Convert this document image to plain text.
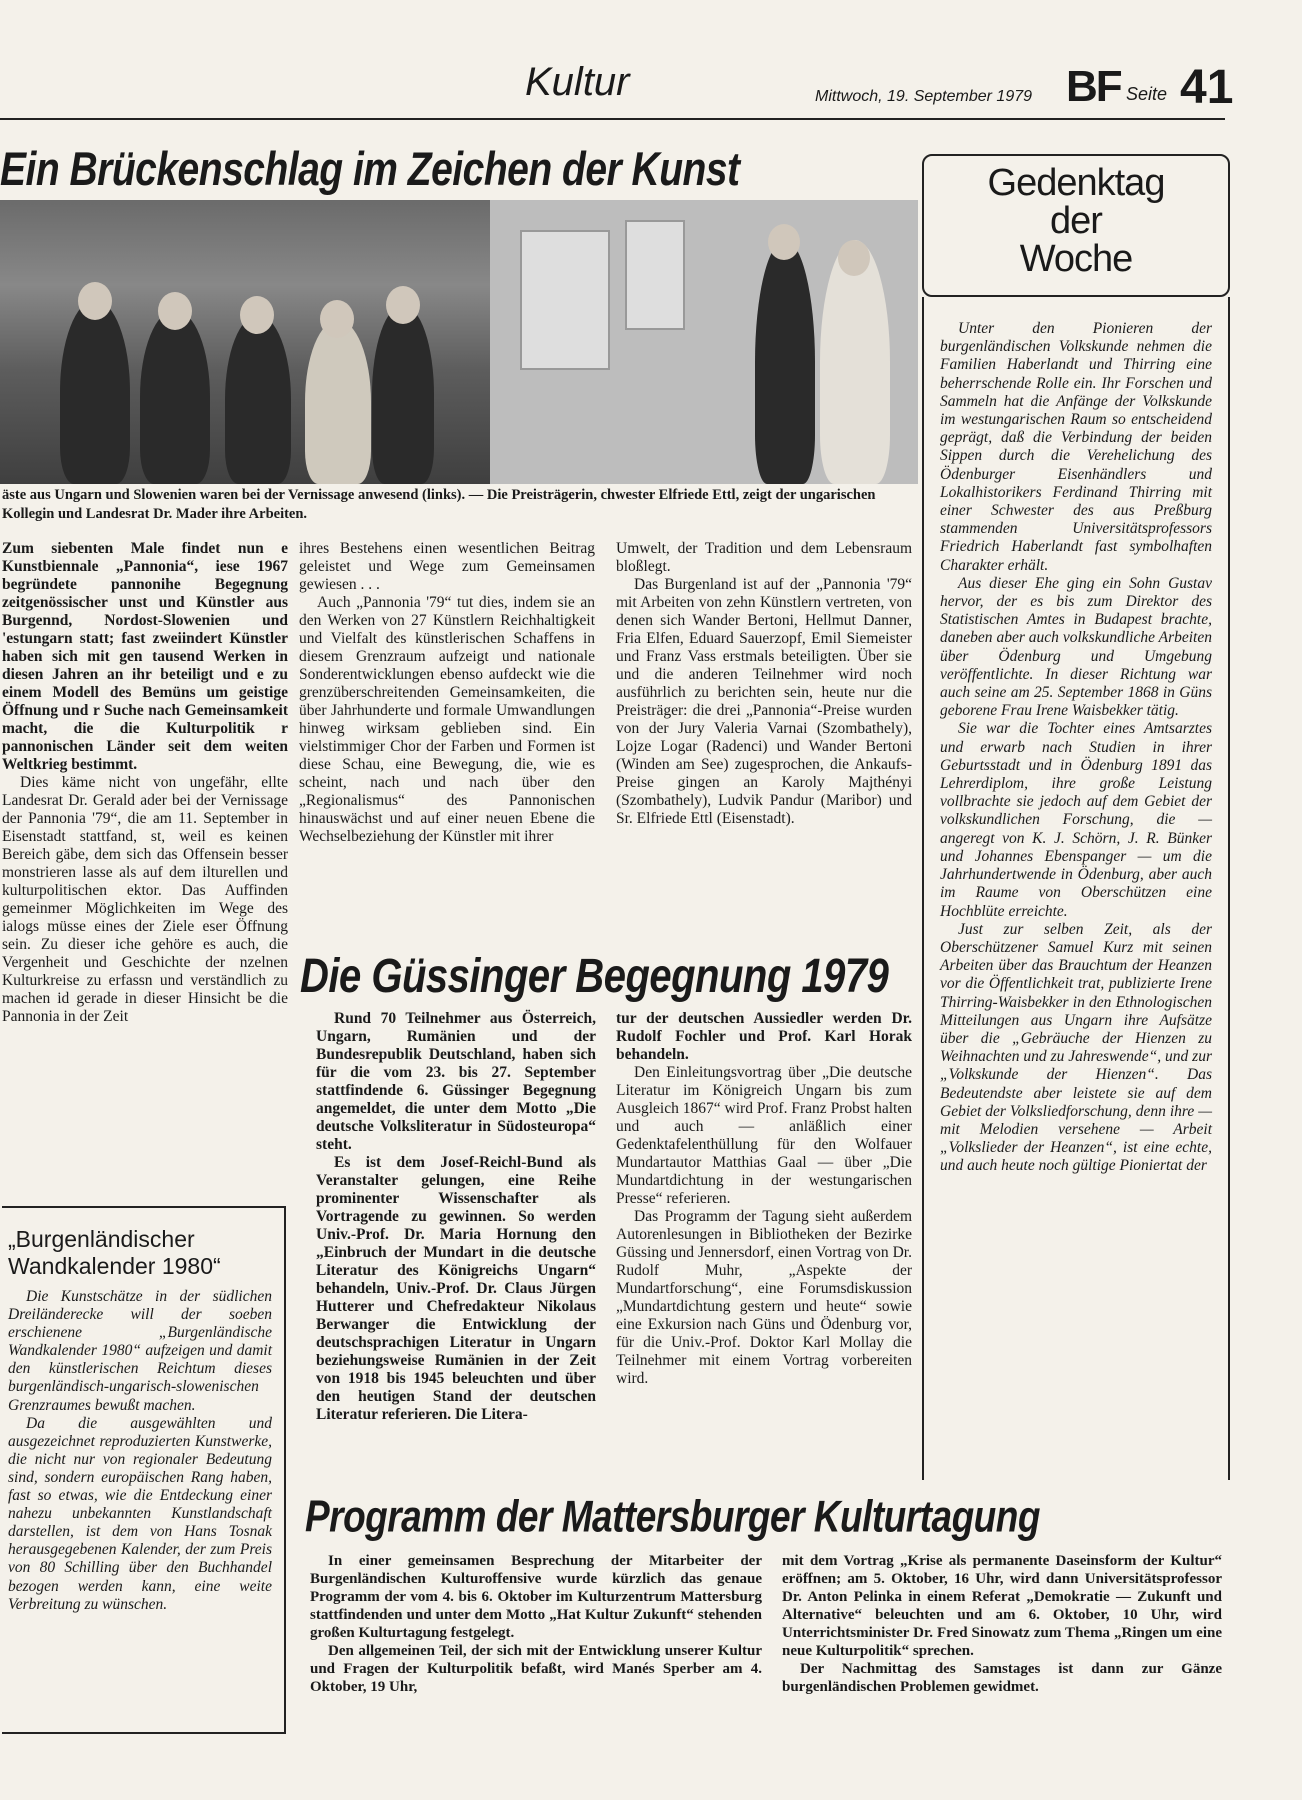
Kultur	Mittwoch, 19. September 1979 BF Seite 41
Ein Brückenschlag im Zeichen der Kunst
äste aus Ungarn und Slowenien waren bei der Vernissage anwesend (links). — Die Preisträgerin, chwester Elfriede Ettl, zeigt der ungarischen Kollegin und Landesrat Dr. Mader ihre Arbeiten.

Zum siebenten Male findet nun e Kunstbiennale „Pannonia“, iese 1967 begründete pannonihe Begegnung zeitgenössischer unst und Künstler aus Burgennd, Nordost-Slowenien und 'estungarn statt; fast zweiindert Künstler haben sich mit gen tausend Werken in diesen Jahren an ihr beteiligt und e zu einem Modell des Bemüns um geistige Öffnung und r Suche nach Gemeinsamkeit macht, die die Kulturpolitik r pannonischen Länder seit dem weiten Weltkrieg bestimmt.

Dies käme nicht von ungefähr, ellte Landesrat Dr. Gerald ader bei der Vernissage der Pannonia '79“, die am 11. September in Eisenstadt stattfand, st, weil es keinen Bereich gäbe, dem sich das Offensein besser monstrieren lasse als auf dem ilturellen und kulturpolitischen ektor. Das Auffinden gemeinmer Möglichkeiten im Wege des ialogs müsse eines der Ziele eser Öffnung sein. Zu dieser iche gehöre es auch, die Vergenheit und Geschichte der nzelnen Kulturkreise zu erfassn und verständlich zu machen id gerade in dieser Hinsicht be die Pannonia in der Zeit

ihres Bestehens einen wesentlichen Beitrag geleistet und Wege zum Gemeinsamen gewiesen . . .

Auch „Pannonia '79“ tut dies, indem sie an den Werken von 27 Künstlern Reichhaltigkeit und Vielfalt des künstlerischen Schaffens in diesem Grenzraum aufzeigt und nationale Sonderentwicklungen ebenso aufdeckt wie die grenzüberschreitenden Gemeinsamkeiten, die über Jahrhunderte und formale Umwandlungen hinweg wirksam geblieben sind. Ein vielstimmiger Chor der Farben und Formen ist diese Schau, eine Bewegung, die, wie es scheint, nach und nach über den „Regionalismus“ des Pannonischen hinauswächst und auf einer neuen Ebene die Wechselbeziehung der Künstler mit ihrer

Umwelt, der Tradition und dem Lebensraum bloßlegt.

Das Burgenland ist auf der „Pannonia '79“ mit Arbeiten von zehn Künstlern vertreten, von denen sich Wander Bertoni, Hellmut Danner, Fria Elfen, Eduard Sauerzopf, Emil Siemeister und Franz Vass erstmals beteiligten. Über sie und die anderen Teilnehmer wird noch ausführlich zu berichten sein, heute nur die Preisträger: die drei „Pannonia“-Preise wurden von der Jury Valeria Varnai (Szombathely), Lojze Logar (Radenci) und Wander Bertoni (Winden am See) zugesprochen, die Ankaufs-Preise gingen an Karoly Majthényi (Szombathely), Ludvik Pandur (Maribor) und Sr. Elfriede Ettl (Eisenstadt).

Gedenktag
der
Woche

Unter den Pionieren der burgenländischen Volkskunde nehmen die Familien Haberlandt und Thirring eine beherrschende Rolle ein. Ihr Forschen und Sammeln hat die Anfänge der Volkskunde im westungarischen Raum so entscheidend geprägt, daß die Verbindung der beiden Sippen durch die Verehelichung des Ödenburger Eisenhändlers und Lokalhistorikers Ferdinand Thirring mit einer Schwester des aus Preßburg stammenden Universitätsprofessors Friedrich Haberlandt fast symbolhaften Charakter erhält.

Aus dieser Ehe ging ein Sohn Gustav hervor, der es bis zum Direktor des Statistischen Amtes in Budapest brachte, daneben aber auch volkskundliche Arbeiten über Ödenburg und Umgebung veröffentlichte. In dieser Richtung war auch seine am 25. September 1868 in Güns geborene Frau Irene Waisbekker tätig.

Sie war die Tochter eines Amtsarztes und erwarb nach Studien in ihrer Geburtsstadt und in Ödenburg 1891 das Lehrerdiplom, ihre große Leistung vollbrachte sie jedoch auf dem Gebiet der volkskundlichen Forschung, die — angeregt von K. J. Schörn, J. R. Bünker und Johannes Ebenspanger — um die Jahrhundertwende in Ödenburg, aber auch im Raume von Oberschützen eine Hochblüte erreichte.

Just zur selben Zeit, als der Oberschützener Samuel Kurz mit seinen Arbeiten über das Brauchtum der Heanzen vor die Öffentlichkeit trat, publizierte Irene Thirring-Waisbekker in den Ethnologischen Mitteilungen aus Ungarn ihre Aufsätze über die „Gebräuche der Hienzen zu Weihnachten und zu Jahreswende“, und zur „Volkskunde der Hienzen“. Das Bedeutendste aber leistete sie auf dem Gebiet der Volksliedforschung, denn ihre — mit Melodien versehene — Arbeit „Volkslieder der Heanzen“, ist eine echte, und auch heute noch gültige Pioniertat der

„Burgenländischer Wandkalender 1980“

Die Kunstschätze in der südlichen Dreiländerecke will der soeben erschienene „Burgenländische Wandkalender 1980“ aufzeigen und damit den künstlerischen Reichtum dieses burgenländisch-ungarisch-slowenischen Grenzraumes bewußt machen.

Da die ausgewählten und ausgezeichnet reproduzierten Kunstwerke, die nicht nur von regionaler Bedeutung sind, sondern europäischen Rang haben, fast so etwas, wie die Entdeckung einer nahezu unbekannten Kunstlandschaft darstellen, ist dem von Hans Tosnak herausgegebenen Kalender, der zum Preis von 80 Schilling über den Buchhandel bezogen werden kann, eine weite Verbreitung zu wünschen.

Die Güssinger Begegnung 1979

Rund 70 Teilnehmer aus Österreich, Ungarn, Rumänien und der Bundesrepublik Deutschland, haben sich für die vom 23. bis 27. September stattfindende 6. Güssinger Begegnung angemeldet, die unter dem Motto „Die deutsche Volksliteratur in Südosteuropa“ steht.

Es ist dem Josef-Reichl-Bund als Veranstalter gelungen, eine Reihe prominenter Wissenschafter als Vortragende zu gewinnen. So werden Univ.-Prof. Dr. Maria Hornung den „Einbruch der Mundart in die deutsche Literatur des Königreichs Ungarn“ behandeln, Univ.-Prof. Dr. Claus Jürgen Hutterer und Chefredakteur Nikolaus Berwanger die Entwicklung der deutschsprachigen Literatur in Ungarn beziehungsweise Rumänien in der Zeit von 1918 bis 1945 beleuchten und über den heutigen Stand der deutschen Literatur referieren. Die Litera-

tur der deutschen Aussiedler werden Dr. Rudolf Fochler und Prof. Karl Horak behandeln.

Den Einleitungsvortrag über „Die deutsche Literatur im Königreich Ungarn bis zum Ausgleich 1867“ wird Prof. Franz Probst halten und auch — anläßlich einer Gedenktafelenthüllung für den Wolfauer Mundartautor Matthias Gaal — über „Die Mundartdichtung in der westungarischen Presse“ referieren.

Das Programm der Tagung sieht außerdem Autorenlesungen in Bibliotheken der Bezirke Güssing und Jennersdorf, einen Vortrag von Dr. Rudolf Muhr, „Aspekte der Mundartforschung“, eine Forumsdiskussion „Mundartdichtung gestern und heute“ sowie eine Exkursion nach Güns und Ödenburg vor, für die Univ.-Prof. Doktor Karl Mollay die Teilnehmer mit einem Vortrag vorbereiten wird.

Programm der Mattersburger Kulturtagung

In einer gemeinsamen Besprechung der Mitarbeiter der Burgenländischen Kulturoffensive wurde kürzlich das genaue Programm der vom 4. bis 6. Oktober im Kulturzentrum Mattersburg stattfindenden und unter dem Motto „Hat Kultur Zukunft“ stehenden großen Kulturtagung festgelegt.

Den allgemeinen Teil, der sich mit der Entwicklung unserer Kultur und Fragen der Kulturpolitik befaßt, wird Manés Sperber am 4. Oktober, 19 Uhr,

mit dem Vortrag „Krise als permanente Daseinsform der Kultur“ eröffnen; am 5. Oktober, 16 Uhr, wird dann Universitätsprofessor Dr. Anton Pelinka in einem Referat „Demokratie — Zukunft und Alternative“ beleuchten und am 6. Oktober, 10 Uhr, wird Unterrichtsminister Dr. Fred Sinowatz zum Thema „Ringen um eine neue Kulturpolitik“ sprechen.

Der Nachmittag des Samstages ist dann zur Gänze burgenländischen Problemen gewidmet.
